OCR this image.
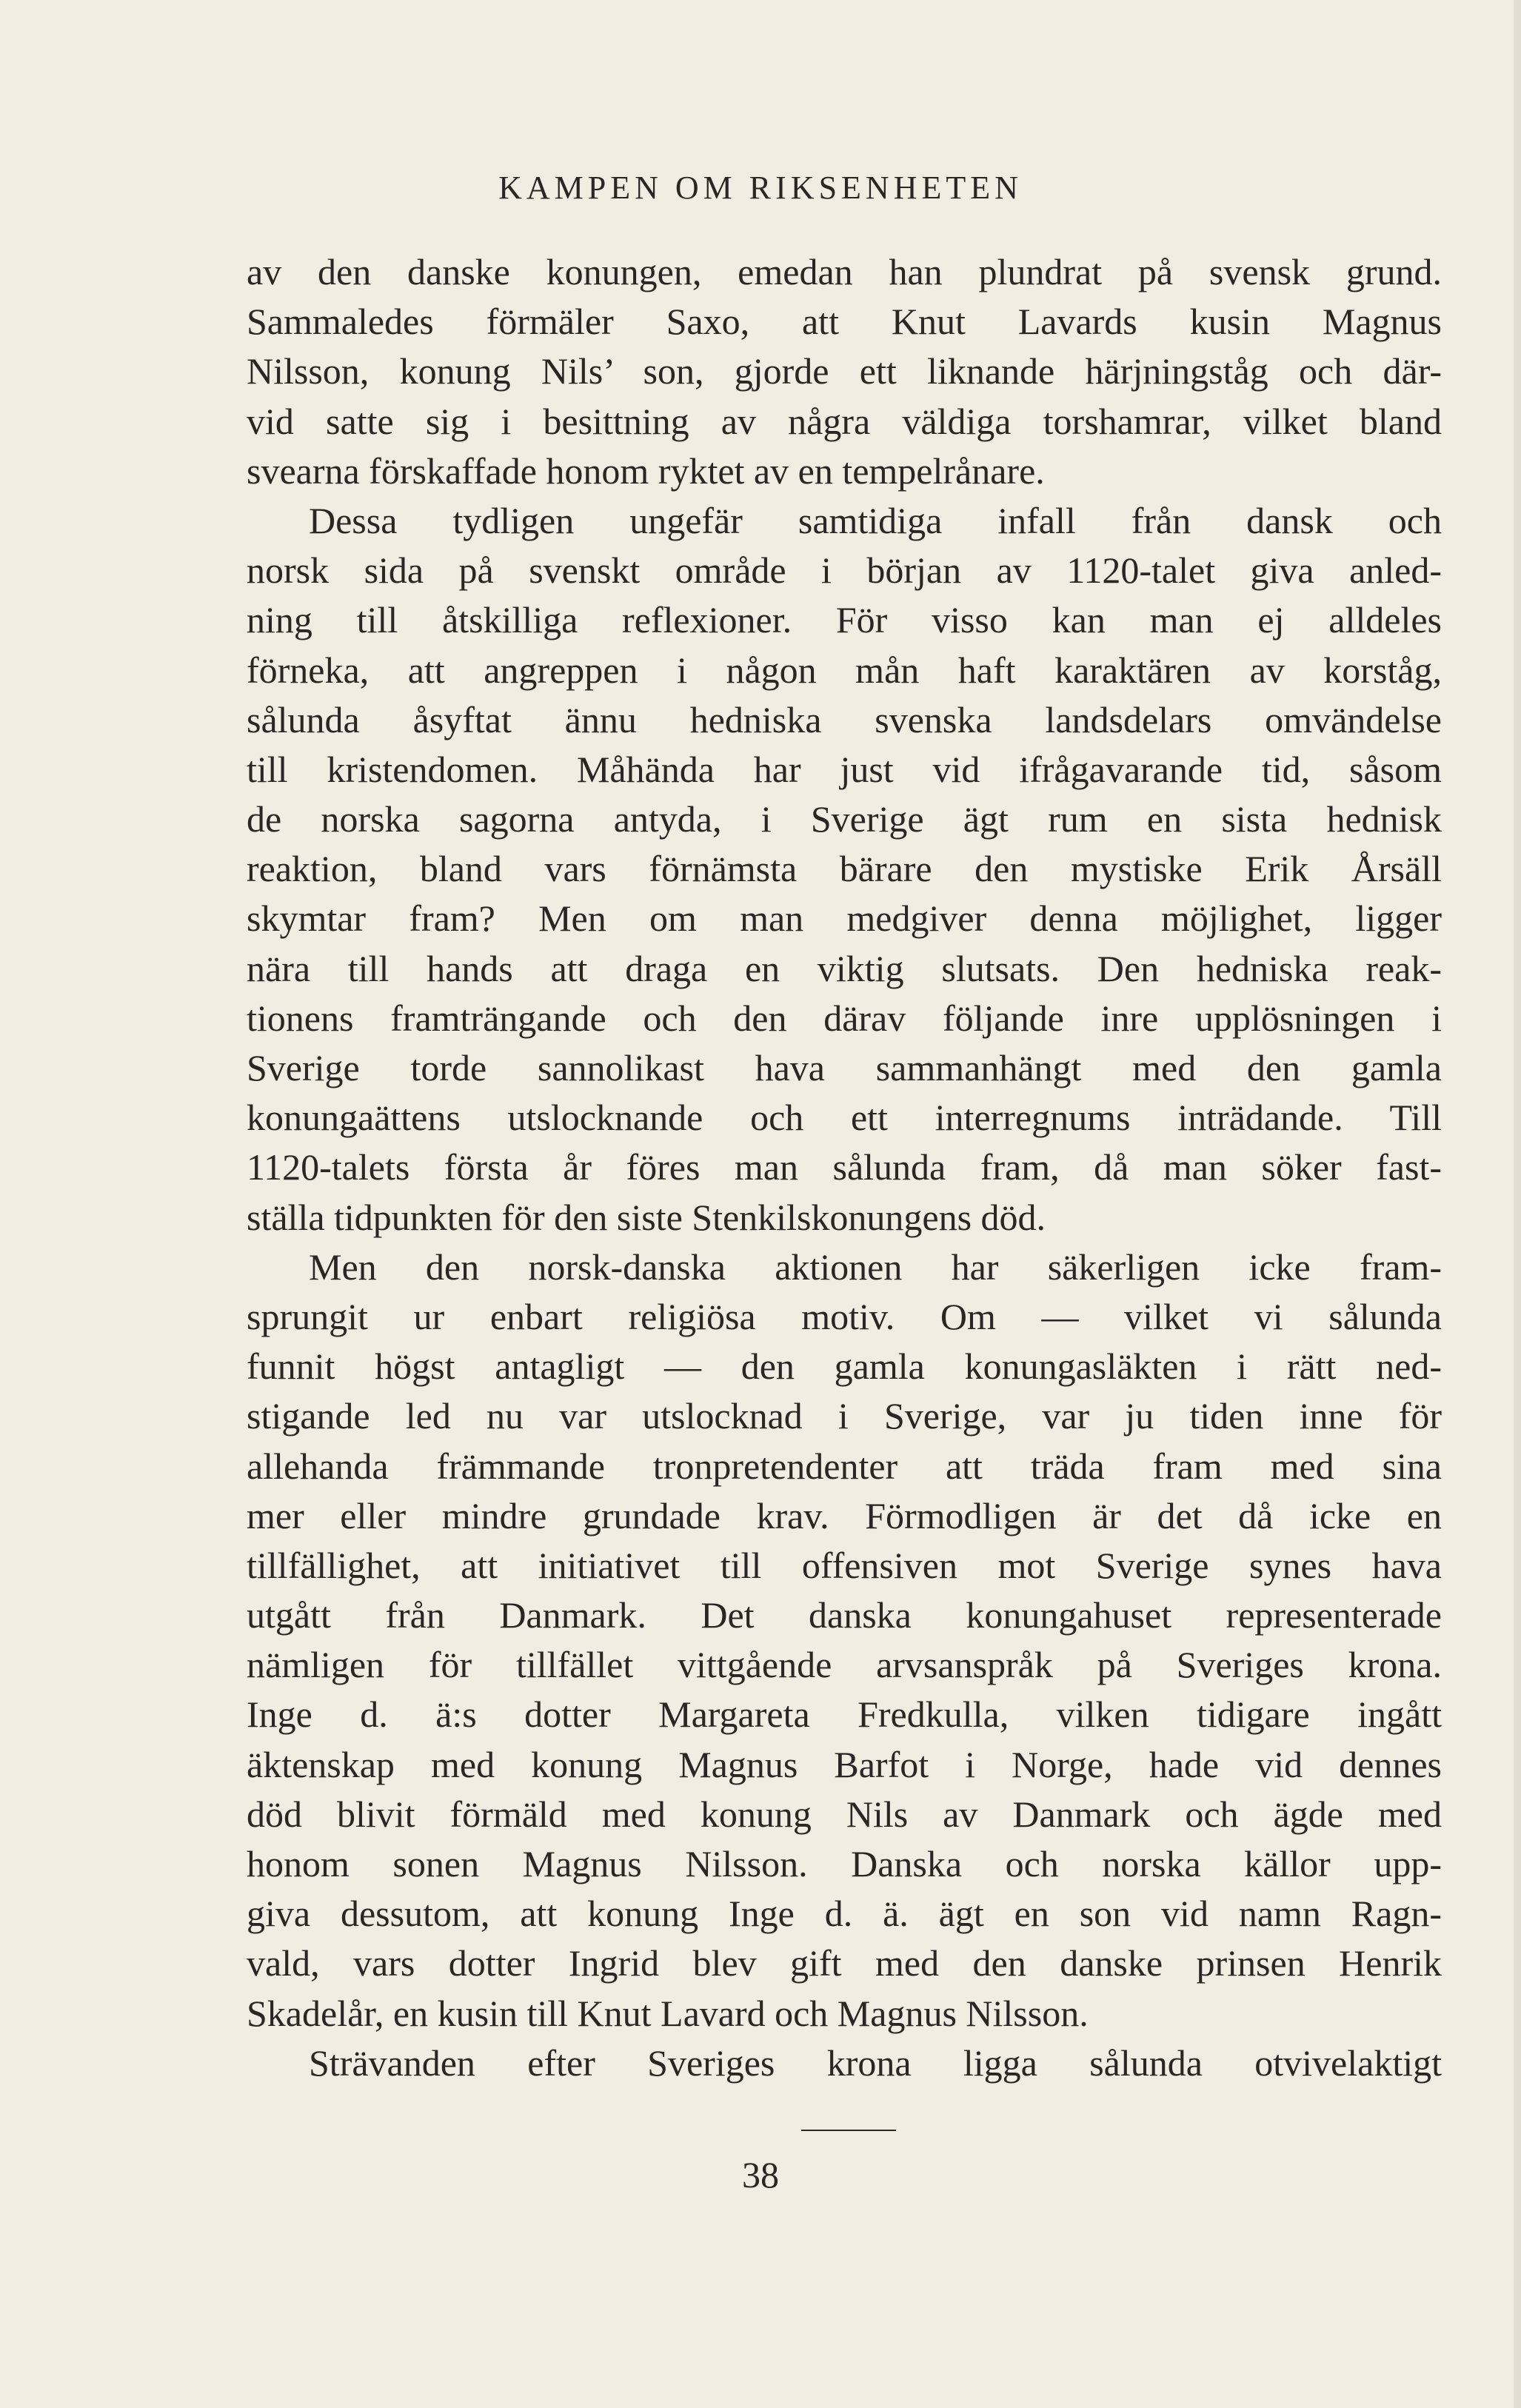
KAMPEN OM RIKSENHETEN
av den danske konungen, emedan han plundrat på svensk grund.
Sammaledes förmäler Saxo, att Knut Lavards kusin Magnus
Nilsson, konung Nils’ son, gjorde ett liknande härjningståg och där-
vid satte sig i besittning av några väldiga torshamrar, vilket bland
svearna förskaffade honom ryktet av en tempelrånare.
Dessa tydligen ungefär samtidiga infall från dansk och
norsk sida på svenskt område i början av 1120-talet giva anled-
ning till åtskilliga reflexioner. För visso kan man ej alldeles
förneka, att angreppen i någon mån haft karaktären av korståg,
sålunda åsyftat ännu hedniska svenska landsdelars omvändelse
till kristendomen. Måhända har just vid ifrågavarande tid, såsom
de norska sagorna antyda, i Sverige ägt rum en sista hednisk
reaktion, bland vars förnämsta bärare den mystiske Erik Årsäll
skymtar fram? Men om man medgiver denna möjlighet, ligger
nära till hands att draga en viktig slutsats. Den hedniska reak-
tionens framträngande och den därav följande inre upplösningen i
Sverige torde sannolikast hava sammanhängt med den gamla
konungaättens utslocknande och ett interregnums inträdande. Till
1120-talets första år föres man sålunda fram, då man söker fast-
ställa tidpunkten för den siste Stenkilskonungens död.
Men den norsk-danska aktionen har säkerligen icke fram-
sprungit ur enbart religiösa motiv. Om — vilket vi sålunda
funnit högst antagligt — den gamla konungasläkten i rätt ned-
stigande led nu var utslocknad i Sverige, var ju tiden inne för
allehanda främmande tronpretendenter att träda fram med sina
mer eller mindre grundade krav. Förmodligen är det då icke en
tillfällighet, att initiativet till offensiven mot Sverige synes hava
utgått från Danmark. Det danska konungahuset representerade
nämligen för tillfället vittgående arvsanspråk på Sveriges krona.
Inge d. ä:s dotter Margareta Fredkulla, vilken tidigare ingått
äktenskap med konung Magnus Barfot i Norge, hade vid dennes
död blivit förmäld med konung Nils av Danmark och ägde med
honom sonen Magnus Nilsson. Danska och norska källor upp-
giva dessutom, att konung Inge d. ä. ägt en son vid namn Ragn-
vald, vars dotter Ingrid blev gift med den danske prinsen Henrik
Skadelår, en kusin till Knut Lavard och Magnus Nilsson.
Strävanden efter Sveriges krona ligga sålunda otvivelaktigt
38
